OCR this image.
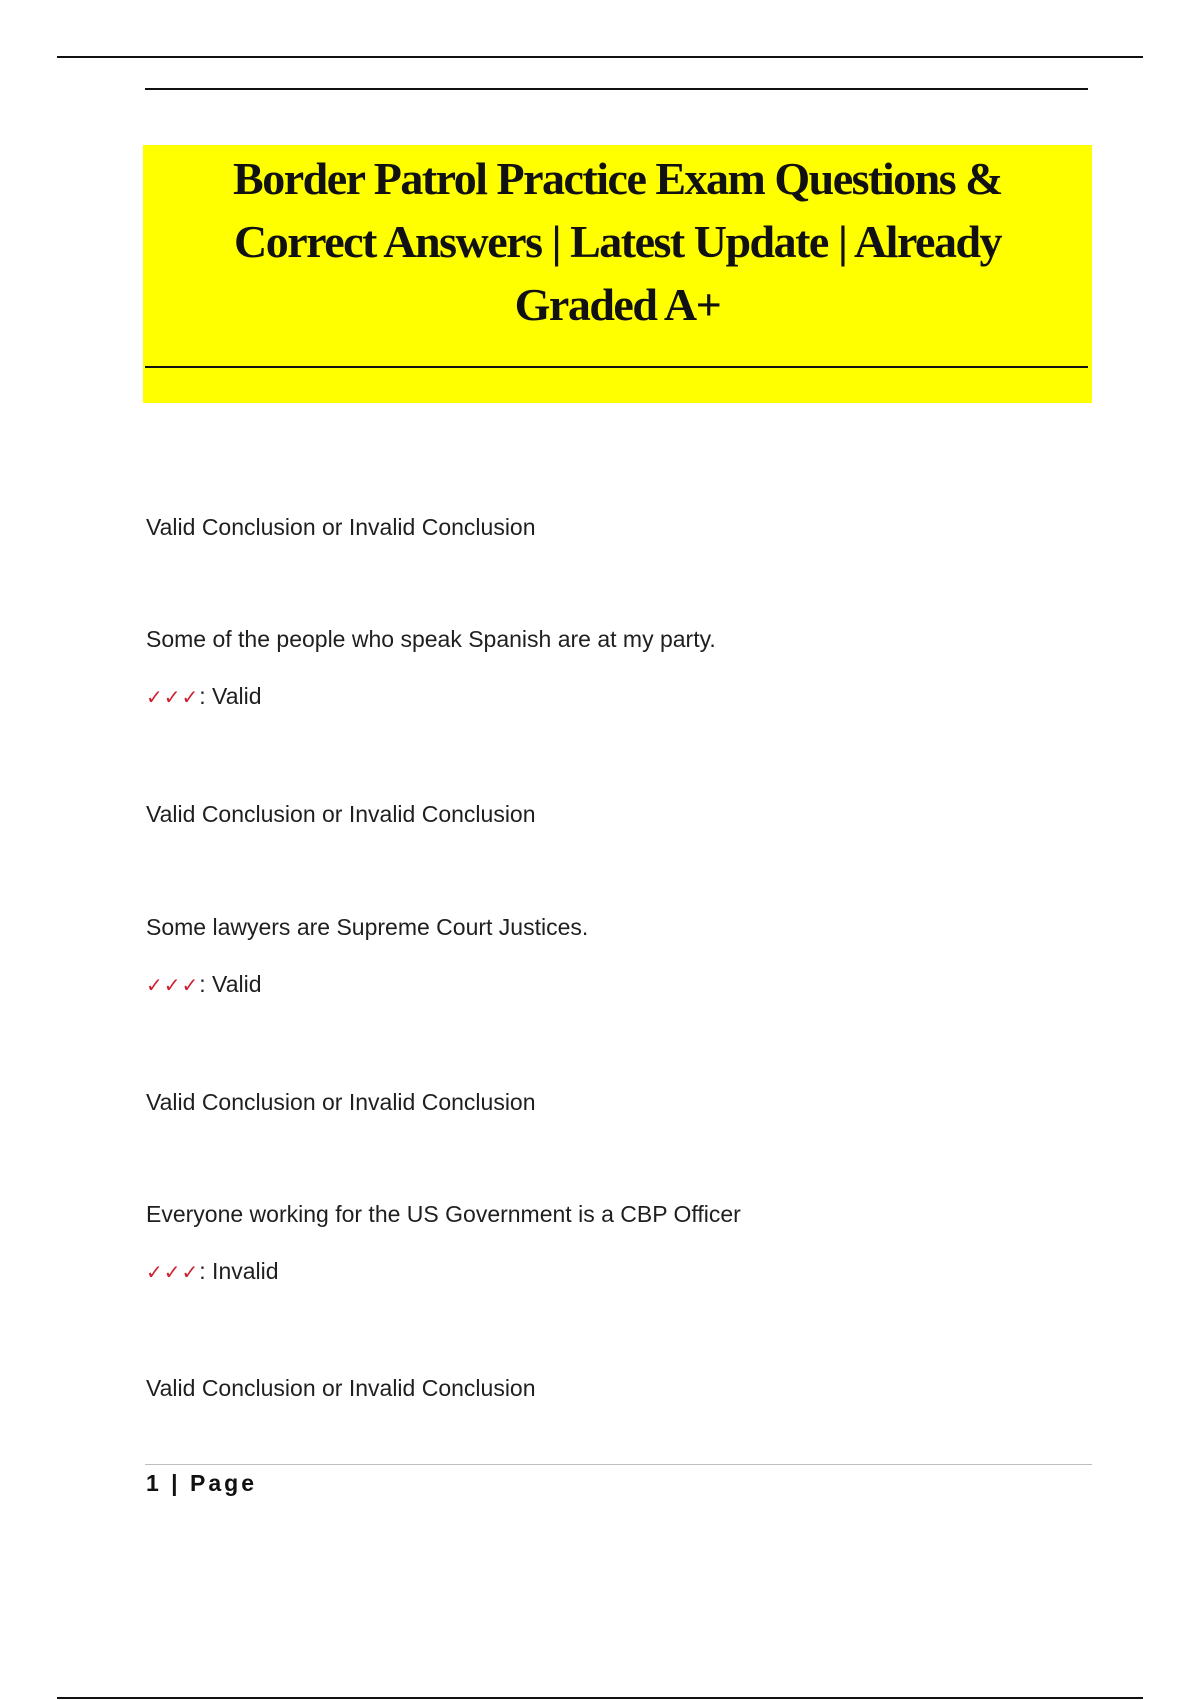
Border Patrol Practice Exam Questions &
Correct Answers | Latest Update | Already
Graded A+
Valid Conclusion or Invalid Conclusion
Some of the people who speak Spanish are at my party.
✓✓✓: Valid
Valid Conclusion or Invalid Conclusion
Some lawyers are Supreme Court Justices.
✓✓✓: Valid
Valid Conclusion or Invalid Conclusion
Everyone working for the US Government is a CBP Officer
✓✓✓: Invalid
Valid Conclusion or Invalid Conclusion
1 | Page
